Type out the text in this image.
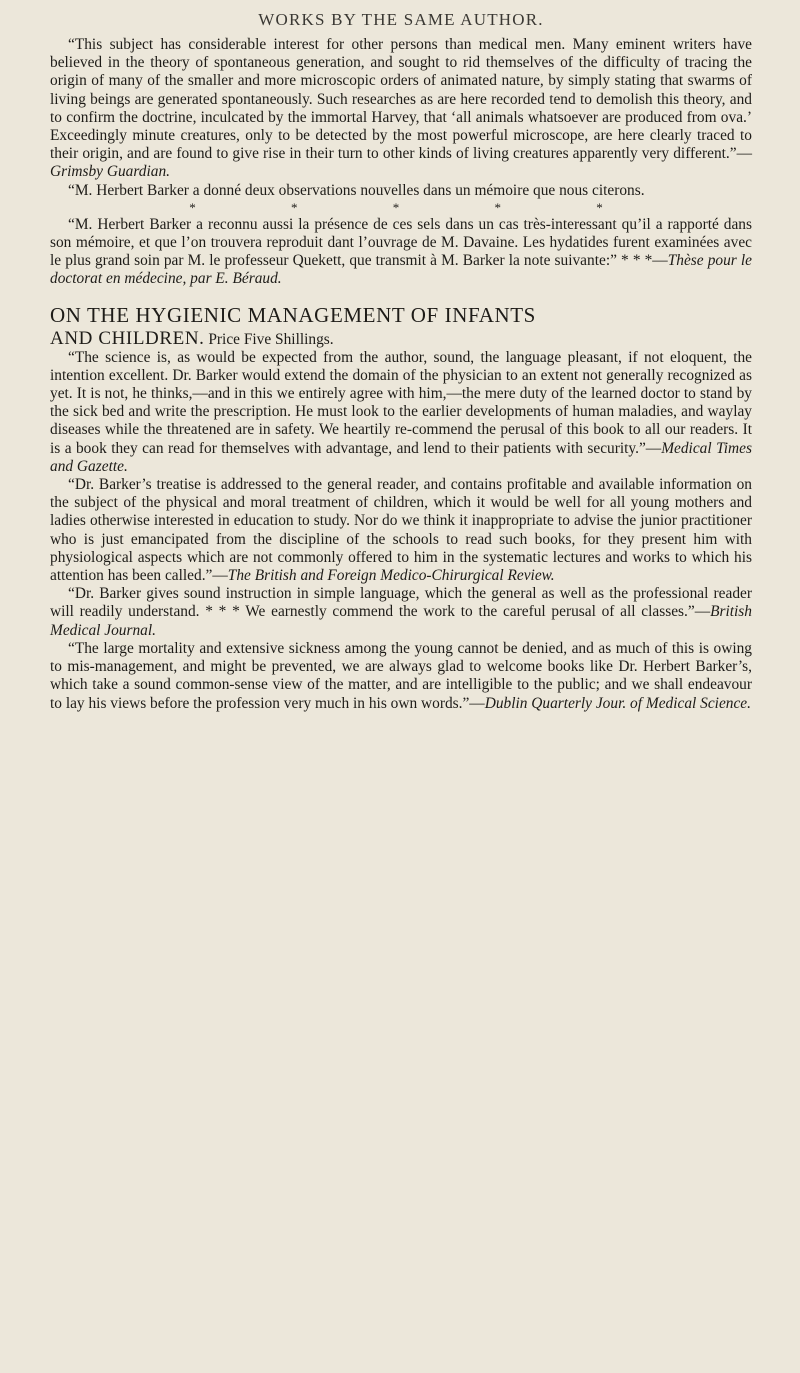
WORKS BY THE SAME AUTHOR.

“This subject has considerable interest for other persons than medical men. Many eminent writers have believed in the theory of spontaneous generation, and sought to rid themselves of the difficulty of tracing the origin of many of the smaller and more microscopic orders of animated nature, by simply stating that swarms of living beings are generated spontaneously. Such researches as are here recorded tend to demolish this theory, and to confirm the doctrine, inculcated by the immortal Harvey, that ‘all animals whatsoever are produced from ova.’ Exceedingly minute creatures, only to be detected by the most powerful microscope, are here clearly traced to their origin, and are found to give rise in their turn to other kinds of living creatures apparently very different.”—Grimsby Guardian.

“M. Herbert Barker a donné deux observations nouvelles dans un mémoire que nous citerons.

* * * * *

“M. Herbert Barker a reconnu aussi la présence de ces sels dans un cas très-interessant qu’il a rapporté dans son mémoire, et que l’on trouvera reproduit dant l’ouvrage de M. Davaine. Les hydatides furent examinées avec le plus grand soin par M. le professeur Quekett, que transmit à M. Barker la note suivante:” * * *—Thèse pour le doctorat en médecine, par E. Béraud.

ON THE HYGIENIC MANAGEMENT OF INFANTS
AND CHILDREN. Price Five Shillings.

“The science is, as would be expected from the author, sound, the language pleasant, if not eloquent, the intention excellent. Dr. Barker would extend the domain of the physician to an extent not generally recognized as yet. It is not, he thinks,—and in this we entirely agree with him,—the mere duty of the learned doctor to stand by the sick bed and write the prescription. He must look to the earlier developments of human maladies, and waylay diseases while the threatened are in safety. We heartily re-commend the perusal of this book to all our readers. It is a book they can read for themselves with advantage, and lend to their patients with security.”—Medical Times and Gazette.

“Dr. Barker’s treatise is addressed to the general reader, and contains profitable and available information on the subject of the physical and moral treatment of children, which it would be well for all young mothers and ladies otherwise interested in education to study. Nor do we think it inappropriate to advise the junior practitioner who is just emancipated from the discipline of the schools to read such books, for they present him with physiological aspects which are not commonly offered to him in the systematic lectures and works to which his attention has been called.”—The British and Foreign Medico-Chirurgical Review.

“Dr. Barker gives sound instruction in simple language, which the general as well as the professional reader will readily understand. * * * We earnestly commend the work to the careful perusal of all classes.”—British Medical Journal.

“The large mortality and extensive sickness among the young cannot be denied, and as much of this is owing to mis-management, and might be prevented, we are always glad to welcome books like Dr. Herbert Barker’s, which take a sound common-sense view of the matter, and are intelligible to the public; and we shall endeavour to lay his views before the profession very much in his own words.”—Dublin Quarterly Jour. of Medical Science.
